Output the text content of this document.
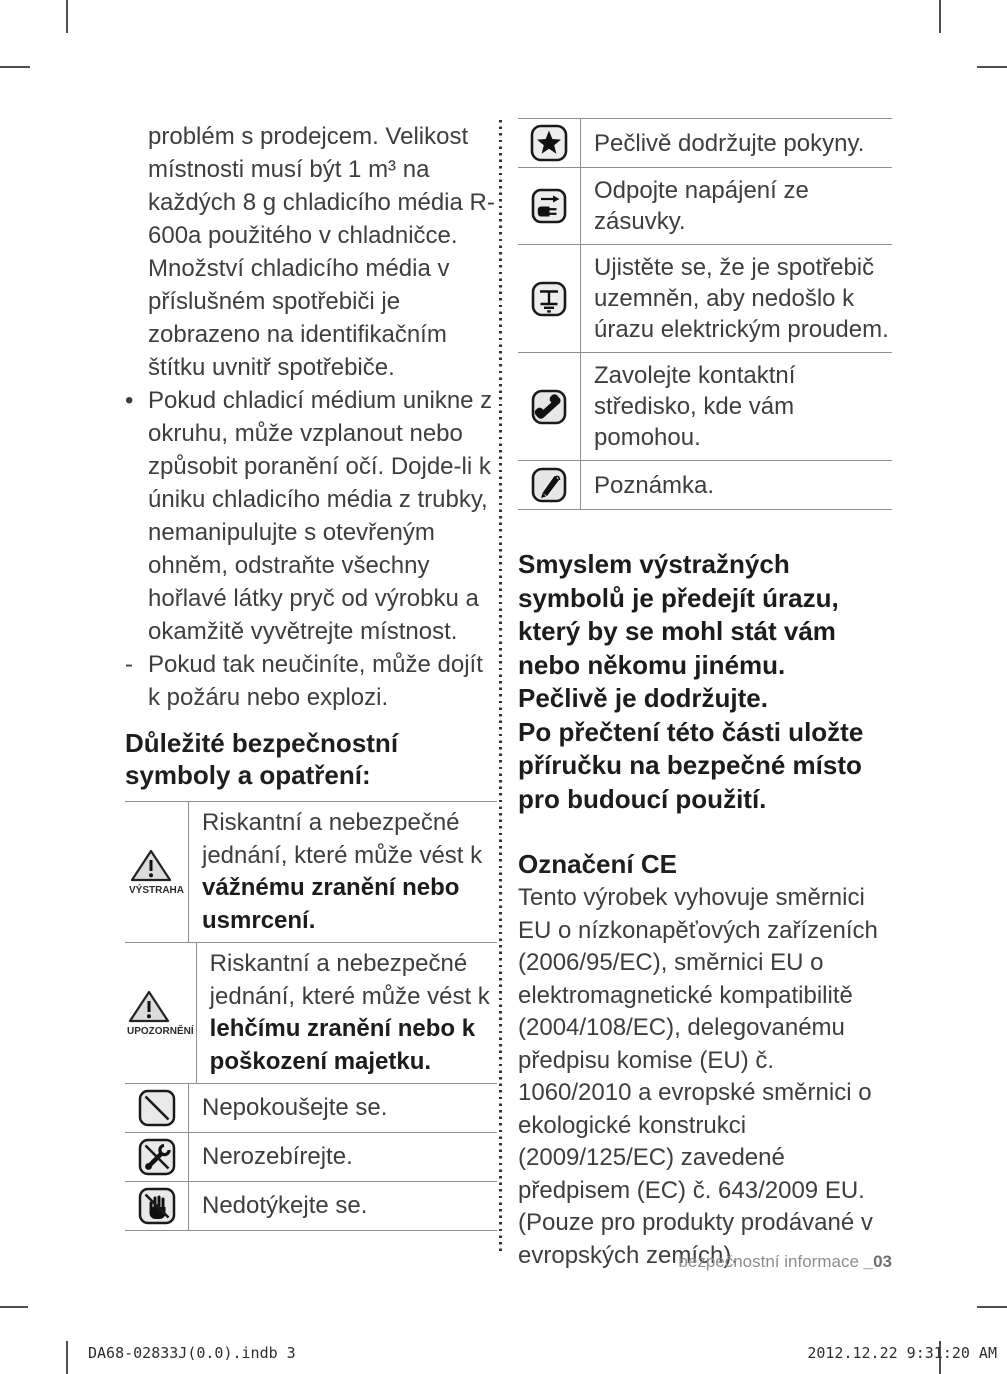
problém s prodejcem. Velikost místnosti musí být 1 m³ na každých 8 g chladicího média R-600a použitého v chladničce. Množství chladicího média v příslušném spotřebiči je zobrazeno na identifikačním štítku uvnitř spotřebiče.

• Pokud chladicí médium unikne z okruhu, může vzplanout nebo způsobit poranění očí. Dojde-li k úniku chladicího média z trubky, nemanipulujte s otevřeným ohněm, odstraňte všechny hořlavé látky pryč od výrobku a okamžitě vyvětrejte místnost.
- Pokud tak neučiníte, může dojít k požáru nebo explozi.
Důležité bezpečnostní symboly a opatření:
VÝSTRAHA
Riskantní a nebezpečné jednání, které může vést k vážnému zranění nebo usmrcení.
UPOZORNĚNÍ
Riskantní a nebezpečné jednání, které může vést k lehčímu zranění nebo k poškození majetku.
Nepokoušejte se.
Nerozebírejte.
Nedotýkejte se.
Pečlivě dodržujte pokyny.
Odpojte napájení ze zásuvky.
Ujistěte se, že je spotřebič uzemněn, aby nedošlo k úrazu elektrickým proudem.
Zavolejte kontaktní středisko, kde vám pomohou.
Poznámka.
Smyslem výstražných symbolů je předejít úrazu, který by se mohl stát vám nebo někomu jinému.
Pečlivě je dodržujte.
Po přečtení této části uložte příručku na bezpečné místo pro budoucí použití.
Označení CE

Tento výrobek vyhovuje směrnici EU o nízkonapěťových zařízeních (2006/95/EC), směrnici EU o elektromagnetické kompatibilitě (2004/108/EC), delegovanému předpisu komise (EU) č. 1060/2010 a evropské směrnici o ekologické konstrukci (2009/125/EC) zavedené předpisem (EC) č. 643/2009 EU. (Pouze pro produkty prodávané v evropských zemích).

bezpečnostní informace _03
DA68-02833J(0.0).indb 3	2012.12.22 9:31:20 AM
